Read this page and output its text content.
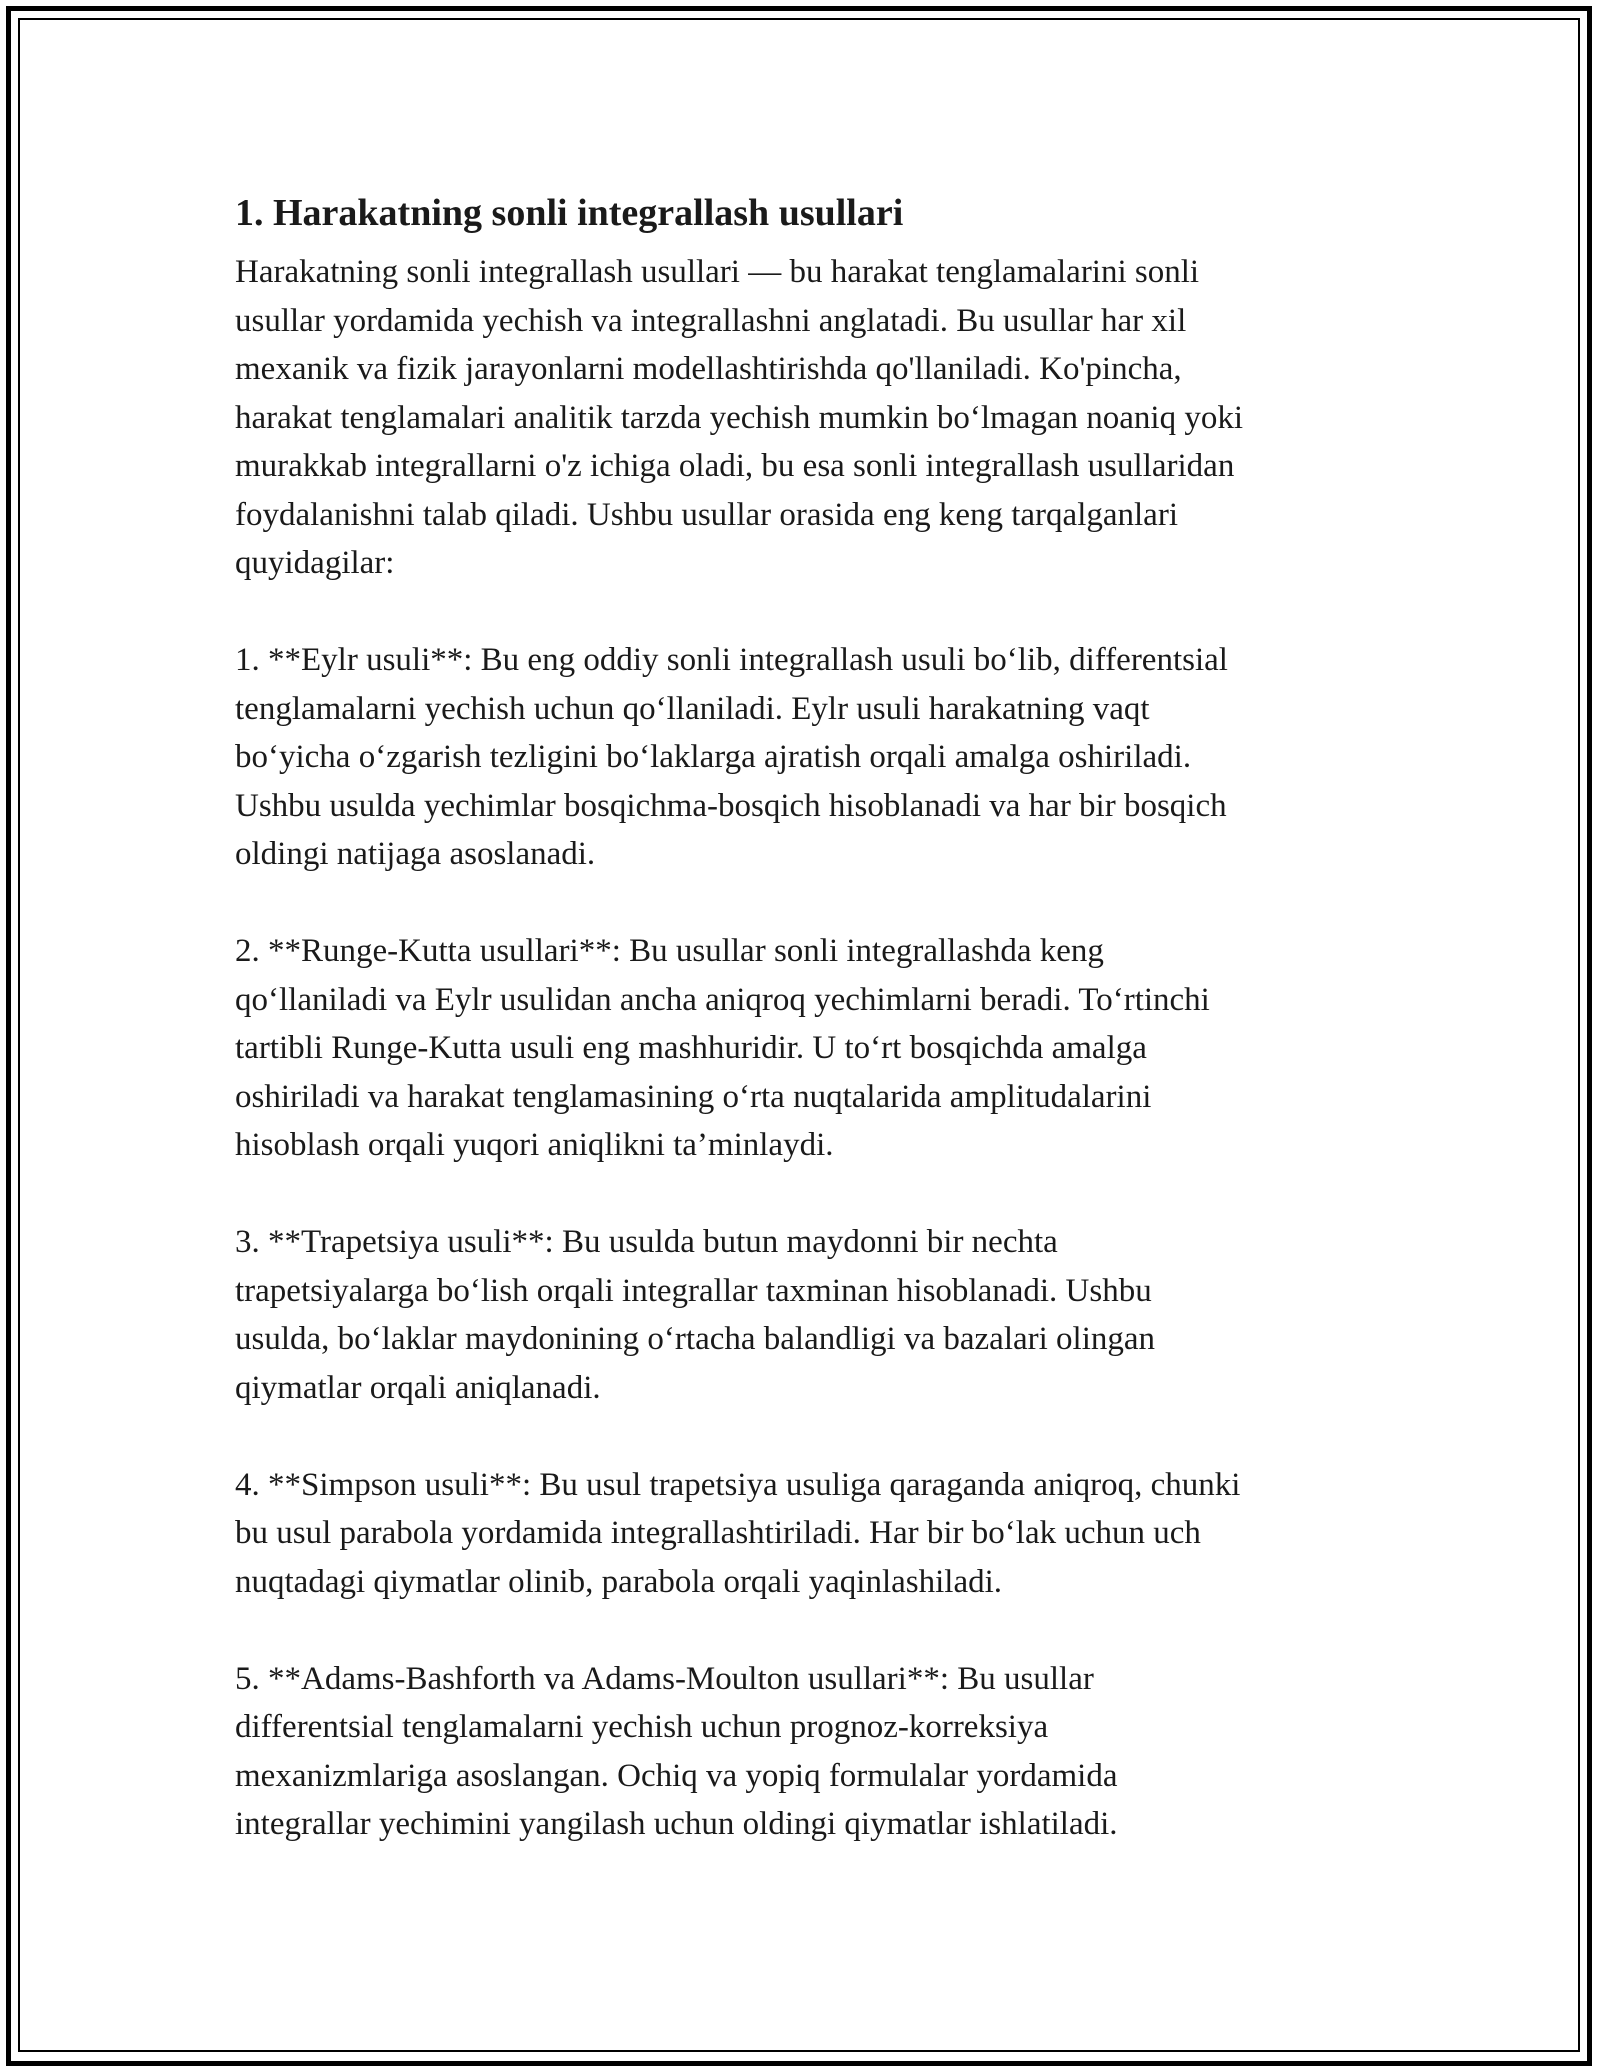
1. Harakatning sonli integrallash usullari

Harakatning sonli integrallash usullari — bu harakat tenglamalarini sonli
usullar yordamida yechish va integrallashni anglatadi. Bu usullar har xil
mexanik va fizik jarayonlarni modellashtirishda qo'llaniladi. Ko'pincha,
harakat tenglamalari analitik tarzda yechish mumkin boʻlmagan noaniq yoki
murakkab integrallarni o'z ichiga oladi, bu esa sonli integrallash usullaridan
foydalanishni talab qiladi. Ushbu usullar orasida eng keng tarqalganlari
quyidagilar:

1. **Eylr usuli**: Bu eng oddiy sonli integrallash usuli boʻlib, differentsial
tenglamalarni yechish uchun qoʻllaniladi. Eylr usuli harakatning vaqt
boʻyicha oʻzgarish tezligini boʻlaklarga ajratish orqali amalga oshiriladi.
Ushbu usulda yechimlar bosqichma-bosqich hisoblanadi va har bir bosqich
oldingi natijaga asoslanadi.

2. **Runge-Kutta usullari**: Bu usullar sonli integrallashda keng
qoʻllaniladi va Eylr usulidan ancha aniqroq yechimlarni beradi. Toʻrtinchi
tartibli Runge-Kutta usuli eng mashhuridir. U toʻrt bosqichda amalga
oshiriladi va harakat tenglamasining oʻrta nuqtalarida amplitudalarini
hisoblash orqali yuqori aniqlikni ta’minlaydi.

3. **Trapetsiya usuli**: Bu usulda butun maydonni bir nechta
trapetsiyalarga boʻlish orqali integrallar taxminan hisoblanadi. Ushbu
usulda, boʻlaklar maydonining oʻrtacha balandligi va bazalari olingan
qiymatlar orqali aniqlanadi.

4. **Simpson usuli**: Bu usul trapetsiya usuliga qaraganda aniqroq, chunki
bu usul parabola yordamida integrallashtiriladi. Har bir boʻlak uchun uch
nuqtadagi qiymatlar olinib, parabola orqali yaqinlashiladi.

5. **Adams-Bashforth va Adams-Moulton usullari**: Bu usullar
differentsial tenglamalarni yechish uchun prognoz-korreksiya
mexanizmlariga asoslangan. Ochiq va yopiq formulalar yordamida
integrallar yechimini yangilash uchun oldingi qiymatlar ishlatiladi.
